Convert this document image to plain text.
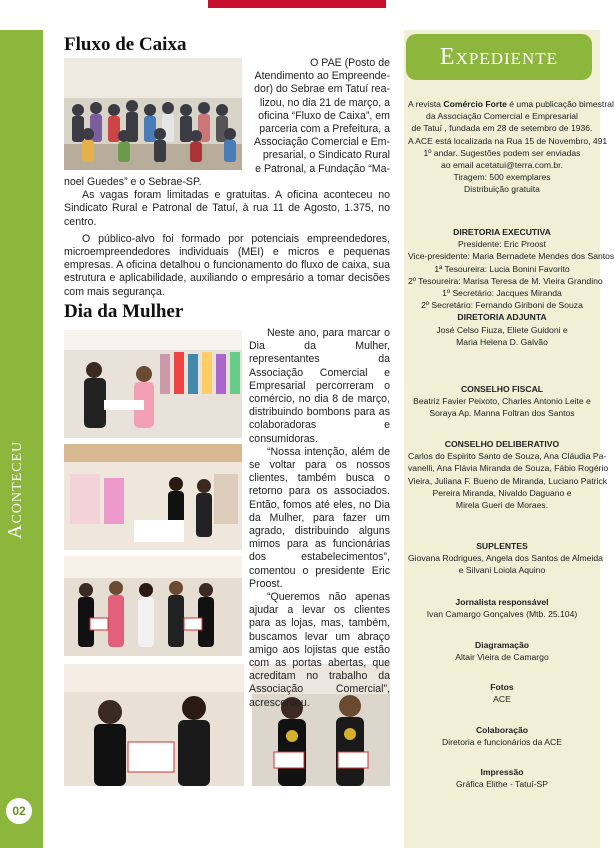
Aconteceu
02
Fluxo de Caixa
O PAE (Posto de
Atendimento ao Empreende-
dor) do Sebrae em Tatuí rea-
lizou, no dia 21 de março, a
oficina “Fluxo de Caixa”, em
parceria com a Prefeitura, a
Associação Comercial e Em-
presarial, o Sindicato Rural
e Patronal, a Fundação “Ma-

noel Guedes” e o Sebrae-SP.

As vagas foram limitadas e gratuitas. A oficina aconteceu no Sindicato Rural e Patronal de Tatuí, à rua 11 de Agosto, 1.375, no centro.

O público-alvo foi formado por potenciais empreendedores, microempreendedores individuais (MEI) e micros e pequenas empresas. A oficina detalhou o funcionamento do fluxo de caixa, sua estrutura e aplicabilidade, auxiliando o empresário a tomar decisões com mais segurança.

Dia da Mulher

Neste ano, para marcar o Dia da Mulher, representantes da Associação Comercial e Empresarial percorreram o comércio, no dia 8 de março, distribuindo bombons para as colaboradoras e consumidoras.

“Nossa intenção, além de se voltar para os nossos clientes, também busca o retorno para os associados. Então, fomos até eles, no Dia da Mulher, para fazer um agrado, distribuindo alguns mimos para as funcionárias dos estabelecimentos”, comentou o presidente Eric Proost.

“Queremos não apenas ajudar a levar os clientes para as lojas, mas, também, buscamos levar um abraço amigo aos lojistas que estão com as portas abertas, que acreditam no trabalho da Associação Comercial”, acrescentou.

Expediente
A revista Comércio Forte é uma publicação bimestral
da Associação Comercial e Empresarial
de Tatuí , fundada em 28 de setembro de 1936.
A ACE está localizada na Rua 15 de Novembro, 491
1º andar. Sugestões podem ser enviadas
ao email acetatui@terra.com.br.
Tiragem: 500 exemplares
Distribuição gratuita
DIRETORIA EXECUTIVA
Presidente: Eric Proost
Vice-presidente: Maria Bernadete Mendes dos Santos
1ª Tesoureira: Lucia Bonini Favorito
2º Tesoureira: Marisa Teresa de M. Vieira Grandino
1º Secretário: Jacques Miranda
2º Secretário: Fernando Giriboni de Souza
DIRETORIA ADJUNTA
José Celso Fiuza, Eliete Guidoni e
Maria Helena D. Galvão
CONSELHO FISCAL
Beatriz Favier Peixoto, Charles Antonio Leite e
Soraya Ap. Manna Foltran dos Santos
CONSELHO DELIBERATIVO
Carlos do Espirito Santo de Souza, Ana Cláudia Pa-
vanelli, Ana Flávia Miranda de Souza, Fábio Rogério
Vieira, Juliana F. Bueno de Miranda, Luciano Patrick
Pereira Miranda, Nivaldo Daguano e
Mirela Gueri de Moraes.
SUPLENTES
Giovana Rodrigues, Angela dos Santos de Almeida
e Silvani Loiola Aquino
Jornalista responsável
Ivan Camargo Gonçalves (Mtb. 25.104)
Diagramação
Altair Vieira de Camargo
Fotos
ACE
Colaboração
Diretoria e funcionários da ACE
Impressão
Gráfica Elithe - Tatuí-SP
